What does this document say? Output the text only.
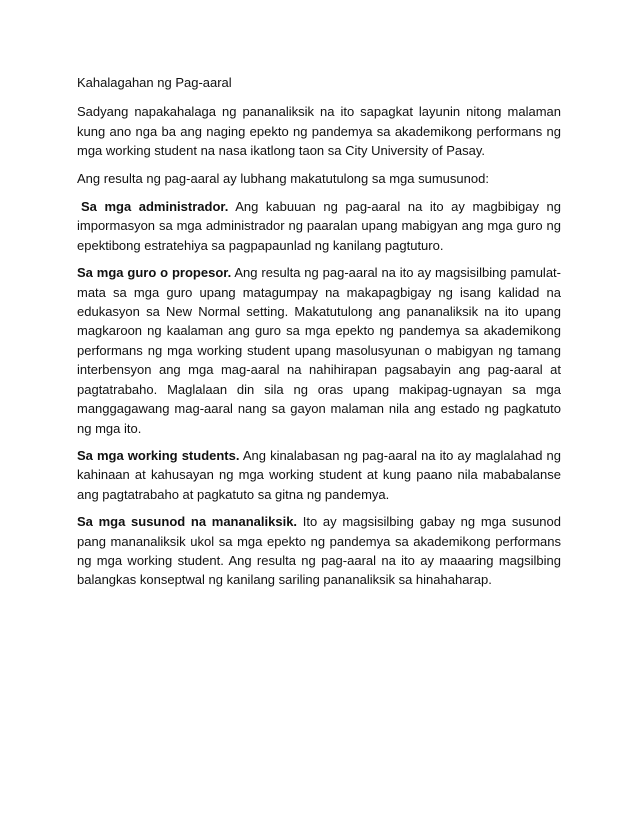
Kahalagahan ng Pag-aaral

Sadyang napakahalaga ng pananaliksik na ito sapagkat layunin nitong malaman kung ano nga ba ang naging epekto ng pandemya sa akademikong performans ng mga working student na nasa ikatlong taon sa City University of Pasay.

Ang resulta ng pag-aaral ay lubhang makatutulong sa mga sumusunod:

Sa mga administrador. Ang kabuuan ng pag-aaral na ito ay magbibigay ng impormasyon sa mga administrador ng paaralan upang mabigyan ang mga guro ng epektibong estratehiya sa pagpapaunlad ng kanilang pagtuturo.

Sa mga guro o propesor. Ang resulta ng pag-aaral na ito ay magsisilbing pamulat-mata sa mga guro upang matagumpay na makapagbigay ng isang kalidad na edukasyon sa New Normal setting. Makatutulong ang pananaliksik na ito upang magkaroon ng kaalaman ang guro sa mga epekto ng pandemya sa akademikong performans ng mga working student upang masolusyunan o mabigyan ng tamang interbensyon ang mga mag-aaral na nahihirapan pagsabayin ang pag-aaral at pagtatrabaho. Maglalaan din sila ng oras upang makipag-ugnayan sa mga manggagawang mag-aaral nang sa gayon malaman nila ang estado ng pagkatuto ng mga ito.

Sa mga working students. Ang kinalabasan ng pag-aaral na ito ay maglalahad ng kahinaan at kahusayan ng mga working student at kung paano nila mababalanse ang pagtatrabaho at pagkatuto sa gitna ng pandemya.

Sa mga susunod na mananaliksik. Ito ay magsisilbing gabay ng mga susunod pang mananaliksik ukol sa mga epekto ng pandemya sa akademikong performans ng mga working student. Ang resulta ng pag-aaral na ito ay maaaring magsilbing balangkas konseptwal ng kanilang sariling pananaliksik sa hinahaharap.
